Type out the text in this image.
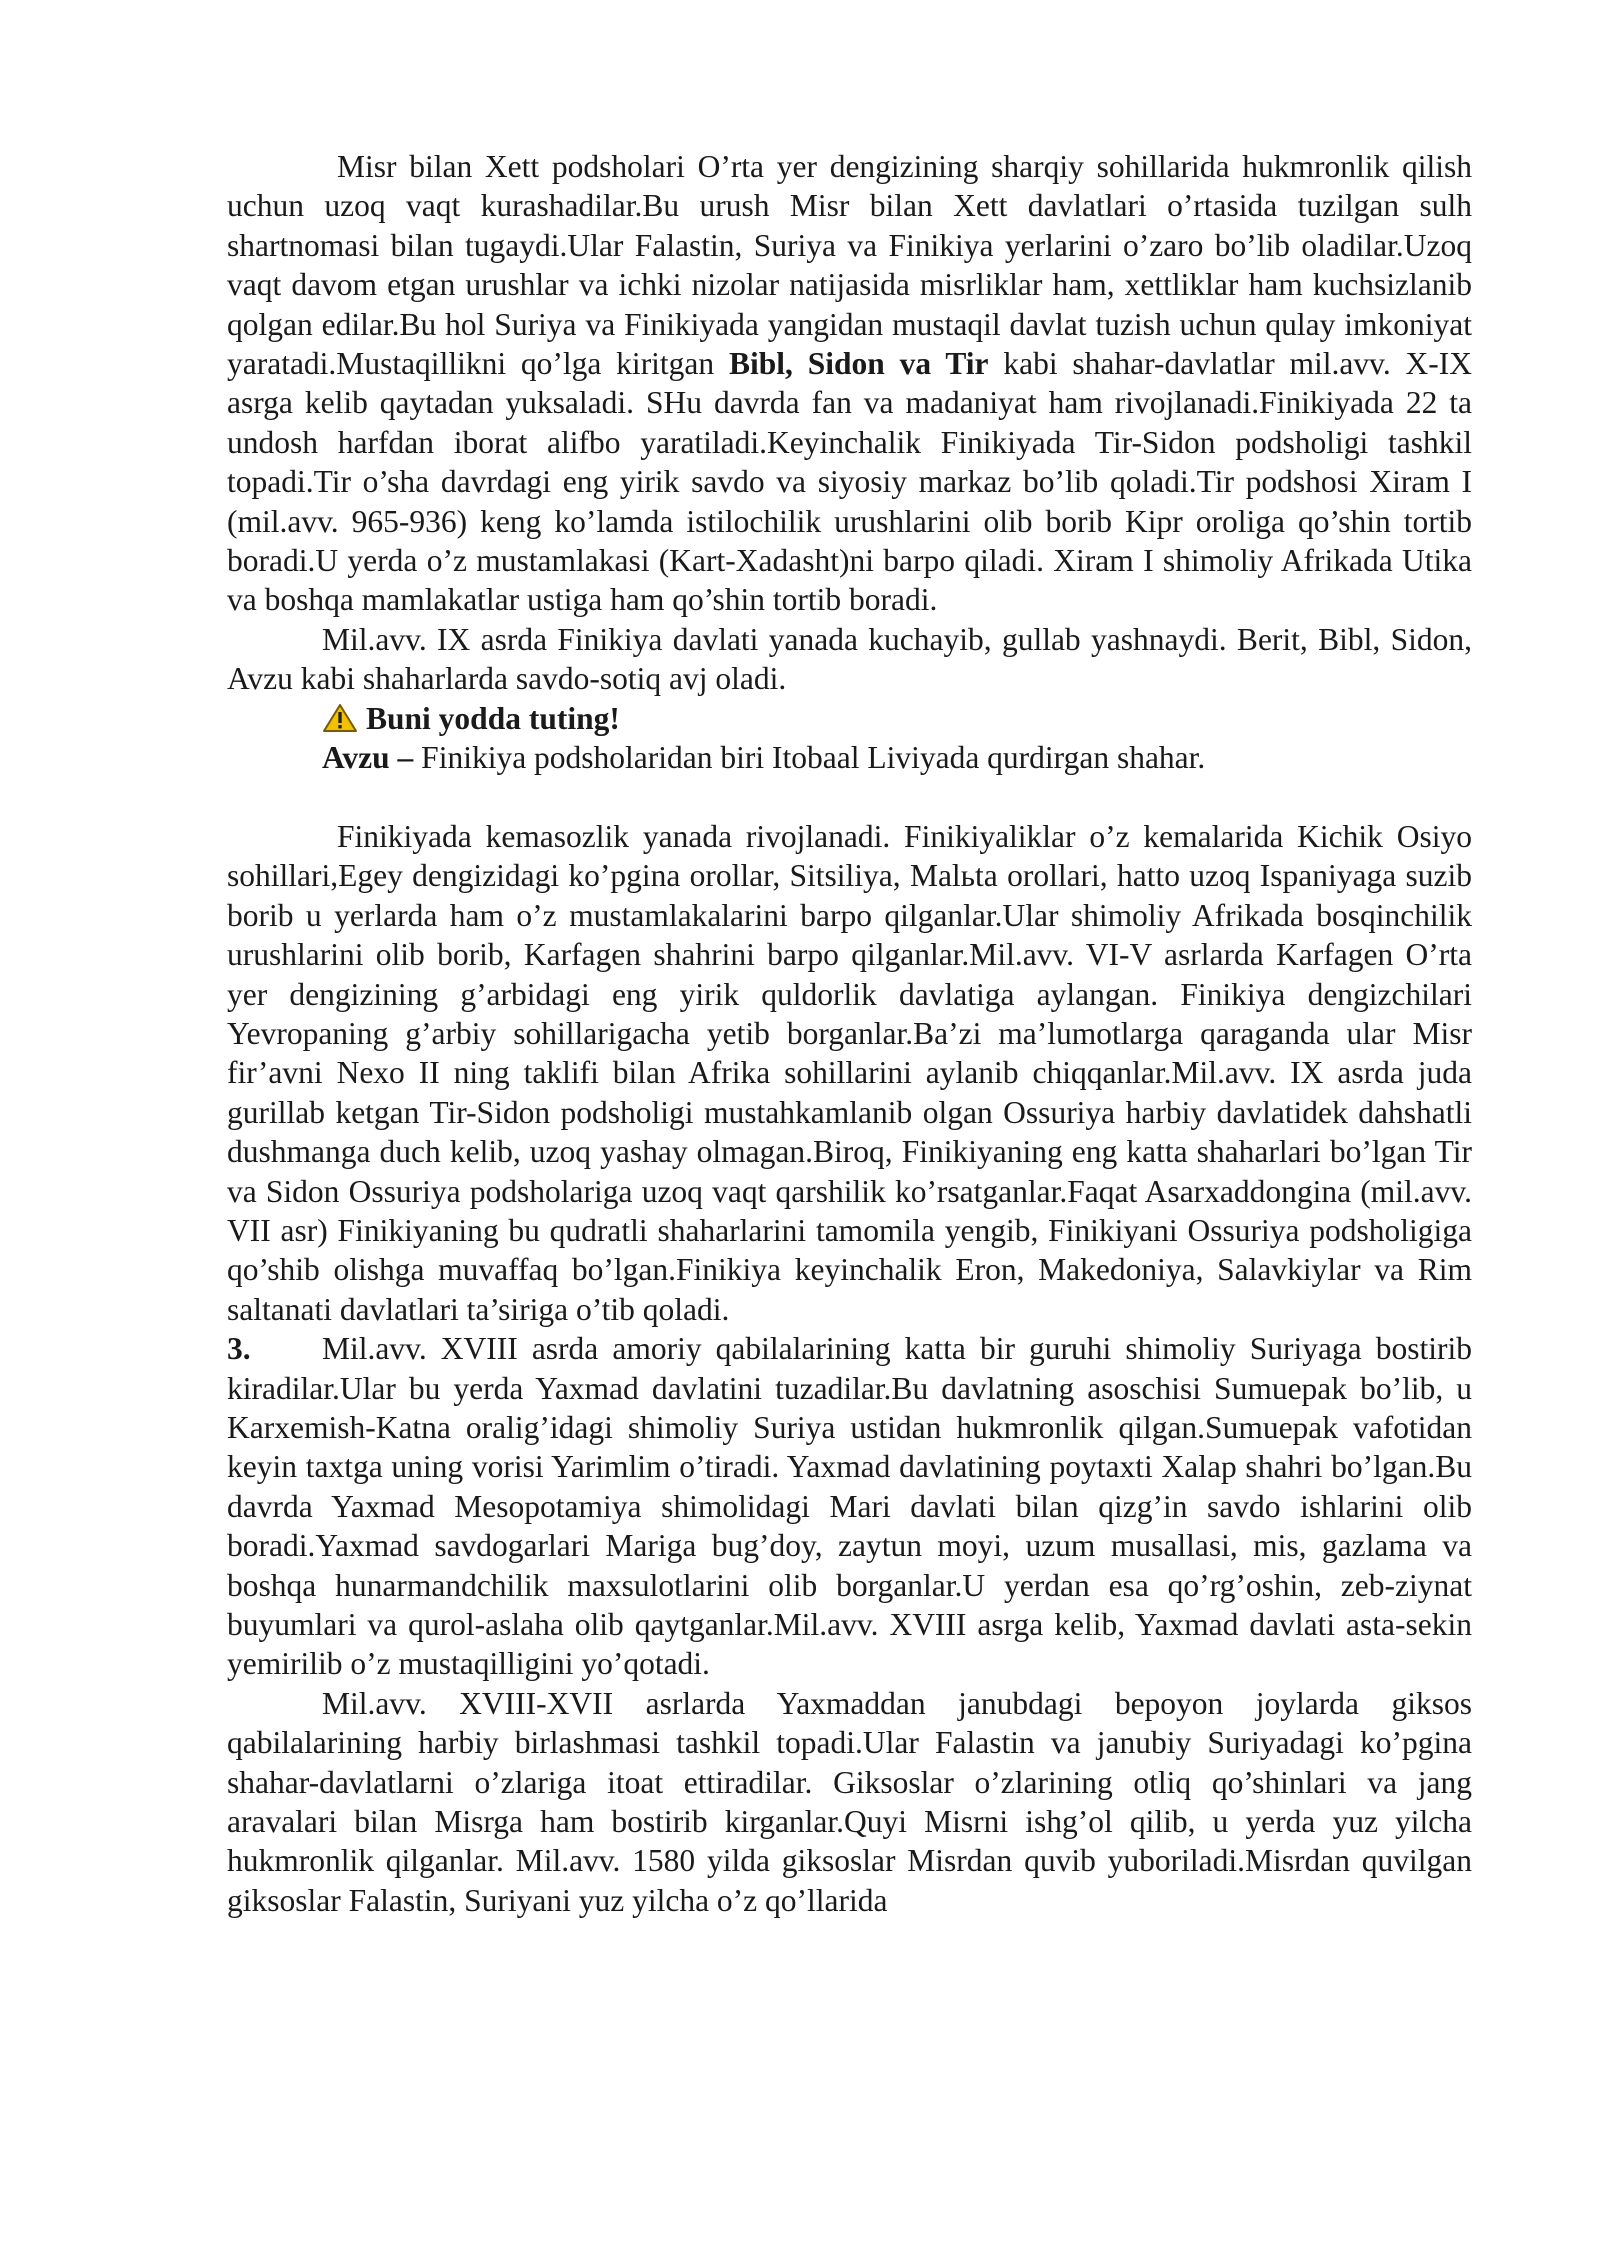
Misr bilan Xett podsholari O’rta yer dengizining sharqiy sohillarida hukmronlik qilish uchun uzoq vaqt kurashadilar.Bu urush Misr bilan Xett davlatlari o’rtasida tuzilgan sulh shartnomasi bilan tugaydi.Ular Falastin, Suriya va Finikiya yerlarini o’zaro bo’lib oladilar.Uzoq vaqt davom etgan urushlar va ichki nizolar natijasida misrliklar ham, xettliklar ham kuchsizlanib qolgan edilar.Bu hol Suriya va Finikiyada yangidan mustaqil davlat tuzish uchun qulay imkoniyat yaratadi.Mustaqillikni qo’lga kiritgan Bibl, Sidon va Tir kabi shahar-davlatlar mil.avv. X-IX asrga kelib qaytadan yuksaladi. SHu davrda fan va madaniyat ham rivojlanadi.Finikiyada 22 ta undosh harfdan iborat alifbo yaratiladi.Keyinchalik Finikiyada Tir-Sidon podsholigi tashkil topadi.Tir o’sha davrdagi eng yirik savdo va siyosiy markaz bo’lib qoladi.Tir podshosi Xiram I (mil.avv. 965-936) keng ko’lamda istilochilik urushlarini olib borib Kipr oroliga qo’shin tortib boradi.U yerda o’z mustamlakasi (Kart-Xadasht)ni barpo qiladi. Xiram I shimoliy Afrikada Utika va boshqa mamlakatlar ustiga ham qo’shin tortib boradi.

Mil.avv. IX asrda Finikiya davlati yanada kuchayib, gullab yashnaydi. Berit, Bibl, Sidon, Avzu kabi shaharlarda savdo-sotiq avj oladi.

Buni yodda tuting!

Avzu – Finikiya podsholaridan biri Itobaal Liviyada qurdirgan shahar.

Finikiyada kemasozlik yanada rivojlanadi. Finikiyaliklar o’z kemalarida Kichik Osiyo sohillari,Egey dengizidagi ko’pgina orollar, Sitsiliya, Malьta orollari, hatto uzoq Ispaniyaga suzib borib u yerlarda ham o’z mustamlakalarini barpo qilganlar.Ular shimoliy Afrikada bosqinchilik urushlarini olib borib, Karfagen shahrini barpo qilganlar.Mil.avv. VI-V asrlarda Karfagen O’rta yer dengizining g’arbidagi eng yirik quldorlik davlatiga aylangan. Finikiya dengizchilari Yevropaning g’arbiy sohillarigacha yetib borganlar.Ba’zi ma’lumotlarga qaraganda ular Misr fir’avni Nexo II ning taklifi bilan Afrika sohillarini aylanib chiqqanlar.Mil.avv. IX asrda juda gurillab ketgan Tir-Sidon podsholigi mustahkamlanib olgan Ossuriya harbiy davlatidek dahshatli dushmanga duch kelib, uzoq yashay olmagan.Biroq, Finikiyaning eng katta shaharlari bo’lgan Tir va Sidon Ossuriya podsholariga uzoq vaqt qarshilik ko’rsatganlar.Faqat Asarxaddongina (mil.avv. VII asr) Finikiyaning bu qudratli shaharlarini tamomila yengib, Finikiyani Ossuriya podsholigiga qo’shib olishga muvaffaq bo’lgan.Finikiya keyinchalik Eron, Makedoniya, Salavkiylar va Rim saltanati davlatlari ta’siriga o’tib qoladi.

3. Mil.avv. XVIII asrda amoriy qabilalarining katta bir guruhi shimoliy Suriyaga bostirib kiradilar.Ular bu yerda Yaxmad davlatini tuzadilar.Bu davlatning asoschisi Sumuepak bo’lib, u Karxemish-Katna oralig’idagi shimoliy Suriya ustidan hukmronlik qilgan.Sumuepak vafotidan keyin taxtga uning vorisi Yarimlim o’tiradi. Yaxmad davlatining poytaxti Xalap shahri bo’lgan.Bu davrda Yaxmad Mesopotamiya shimolidagi Mari davlati bilan qizg’in savdo ishlarini olib boradi.Yaxmad savdogarlari Mariga bug’doy, zaytun moyi, uzum musallasi, mis, gazlama va boshqa hunarmandchilik maxsulotlarini olib borganlar.U yerdan esa qo’rg’oshin, zeb-ziynat buyumlari va qurol-aslaha olib qaytganlar.Mil.avv. XVIII asrga kelib, Yaxmad davlati asta-sekin yemirilib o’z mustaqilligini yo’qotadi.

Mil.avv. XVIII-XVII asrlarda Yaxmaddan janubdagi bepoyon joylarda giksos qabilalarining harbiy birlashmasi tashkil topadi.Ular Falastin va janubiy Suriyadagi ko’pgina shahar-davlatlarni o’zlariga itoat ettiradilar. Giksoslar o’zlarining otliq qo’shinlari va jang aravalari bilan Misrga ham bostirib kirganlar.Quyi Misrni ishg’ol qilib, u yerda yuz yilcha hukmronlik qilganlar. Mil.avv. 1580 yilda giksoslar Misrdan quvib yuboriladi.Misrdan quvilgan giksoslar Falastin, Suriyani yuz yilcha o’z qo’llarida
